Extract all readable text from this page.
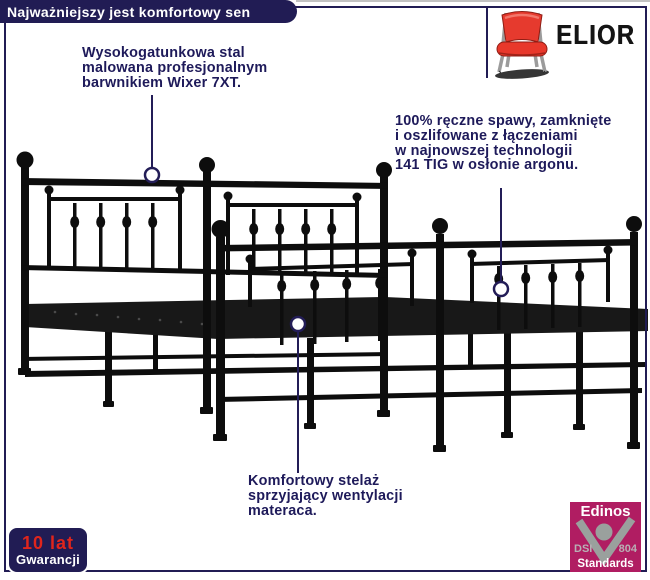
Najważniejszy jest komfortowy sen
ELIOR
Wysokogatunkowa stal
malowana profesjonalnym
barwnikiem Wixer 7XT.
100% ręczne spawy, zamknięte
i oszlifowane z łączeniami
w najnowszej technologii
141 TIG w osłonie argonu.
Komfortowy stelaż
sprzyjający wentylacji
materaca.
10 lat
Gwarancji
Edinos
DSI 804
Standards
